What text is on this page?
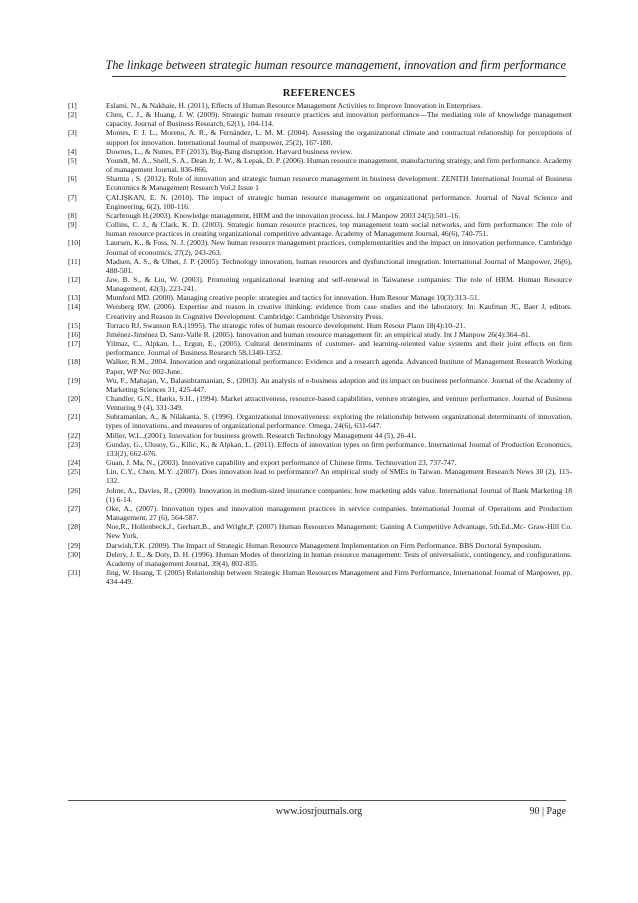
The linkage between strategic human resource management, innovation and firm performance
REFERENCES
[1]	Eslami, N., & Nakhaie, H. (2011), Effects of Human Resource Management Activities to Improve Innovation in Enterprises.
[2]	Chen, C. J., & Huang, J. W. (2009). Strategic human resource practices and innovation performance—The mediating role of knowledge management capacity. Journal of Business Research, 62(1), 104-114.
[3]	Montes, F. J. L., Moreno, A. R., & Fernández, L. M. M. (2004). Assessing the organizational climate and contractual relationship for perceptions of support for innovation. International Journal of manpower, 25(2), 167-180.
[4]	Downes, L., & Nunes, P.F (2013), Big-Bang disruption. Harvard business review.
[5]	Youndt, M. A., Snell, S. A., Dean Jr, J. W., & Lepak, D. P. (2006). Human resource management, manufacturing strategy, and firm performance. Academy of management Journal, 836-866.
[6]	Sharma , S. (2012). Role of innovation and strategic human resource management in business development. ZENITH International Journal of Business Economics & Management Research Vol.2 Issue 1
[7]	ÇALIŞKAN, E. N. (2010). The impact of strategic human resource management on organizational performance. Journal of Naval Science and Engineering, 6(2), 100-116.
[8]	Scarbrough H.(2003). Knowledge management, HRM and the innovation process. Int J Manpow 2003 24(5):501–16.
[9]	Collins, C. J., & Clark, K. D. (2003). Strategic human resource practices, top management team social networks, and firm performance: The role of human resource practices in creating organizational competitive advantage. Academy of Management Journal, 46(6), 740-751.
[10]	Laursen, K., & Foss, N. J. (2003). New human resource management practices, complementarities and the impact on innovation performance. Cambridge Journal of economics, 27(2), 243-263.
[11]	Madsen, A. S., & Ulhøi, J. P. (2005). Technology innovation, human resources and dysfunctional integration. International Journal of Manpower, 26(6), 488-501.
[12]	Jaw, B. S., & Liu, W. (2003). Promoting organizational learning and self-renewal in Taiwanese companies: The role of HRM. Human Resource Management, 42(3), 223-241.
[13]	Mumford MD. (2000). Managing creative people: strategies and tactics for innovation. Hum Resour Manage 10(3):313–51.
[14]	Weisberg RW. (2006). Expertise and reason in creative thinking: evidence from case studies and the laboratory. In: Kaufman JC, Baer J, editors. Creativity and Reason in Cognitive Development. Cambridge: Cambridge University Press.
[15]	Torraco RJ, Swanson RA.(1995). The strategic roles of human resource development. Hum Resour Plann 18(4):10–21.
[16]	Jiménez-Jiménez D, Sanz-Valle R. (2005). Innovation and human resource management fit: an empirical study. Int J Manpow 26(4):364–81.
[17]	Yilmaz, C., Alpkan, L., Ergun, E., (2005). Cultural determinants of customer- and learning-oriented value systems and their joint effects on firm performance. Journal of Business Research 58,1340-1352.
[18]	Walker, R.M., 2004. Innovation and organizational performance: Evidence and a research agenda. Advanced Institute of Management Research Working Paper, WP No: 002-June.
[19]	Wu, F., Mahajan, V., Balasubramanian, S., (2003). An analysis of e-business adoption and its impact on business performance. Journal of the Academy of Marketing Sciences 31, 425-447.
[20]	Chandler, G.N., Hanks, S.H., (1994). Market attractiveness, resource-based capabilities, venture strategies, and venture performance. Journal of Business Venturing 9 (4), 331-349.
[21]	Subramanian, A., & Nilakanta, S. (1996). Organizational innovativeness: exploring the relationship between organizational determinants of innovation, types of innovations, and measures of organizational performance. Omega, 24(6), 631-647.
[22]	Miller, W.L.,(2001). Innovation for business growth. Research Technology Management 44 (5), 26-41.
[23]	Gunday, G., Ulusoy, G., Kilic, K., & Alpkan, L. (2011). Effects of innovation types on firm performance. International Journal of Production Economics, 133(2), 662-676.
[24]	Guan, J. Ma, N., (2003). Innovative capability and export performance of Chinese firms. Technovation 23, 737-747.
[25]	Lin, C.Y., Chen, M.Y. ,(2007). Does innovation lead to performance? An empirical study of SMEs in Taiwan. Management Research News 30 (2), 115-132.
[26]	Johne, A., Davies, R., (2000). Innovation in medium-sized insurance companies: how marketing adds value. International Journal of Bank Marketing 18 (1) 6-14.
[27]	Oke, A., (2007). Innovation types and innovation management practices in service companies. International Journal of Operations and Production Management, 27 (6), 564-587.
[28]	Noe,R., Hollenbeck,J., Gerhart,B., and Wright,P. (2007) Human Resources Management: Gaining A Competitive Advantage, 5th.Ed.,Mc- Graw-Hill Co. New York.
[29]	Darwish,T.K. (2009). The Impact of Strategic Human Resource Management Implementation on Firm Performance. BBS Doctoral Symposium.
[30]	Delery, J. E., & Doty, D. H. (1996). Human Modes of theorizing in human resource management: Tests of universalistic, contingency, and configurations. Academy of management Journal, 39(4), 802-835.
[31]	Jing, W. Huang, T. (2005) Relationship between Strategic Human Resources Management and Firm Performance, International Journal of Manpower, pp. 434-449.
www.iosrjournals.org	90 | Page
